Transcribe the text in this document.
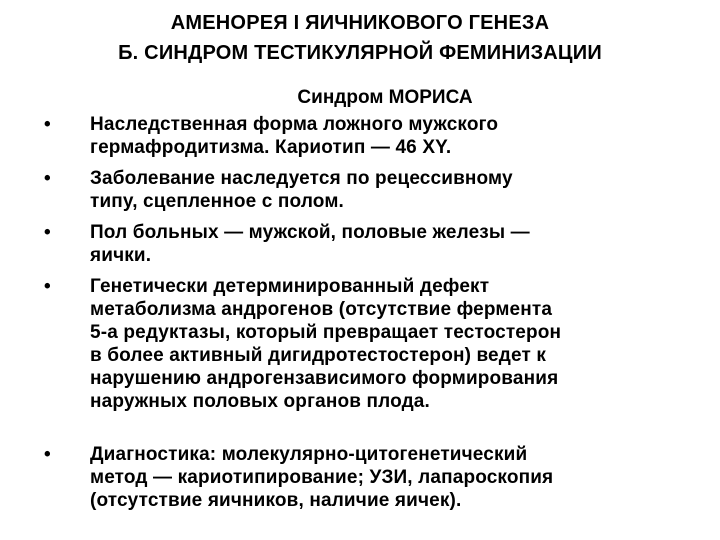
АМЕНОРЕЯ I ЯИЧНИКОВОГО ГЕНЕЗА
Б. СИНДРОМ ТЕСТИКУЛЯРНОЙ ФЕМИНИЗАЦИИ
Синдром МОРИСА
• Наследственная форма ложного мужского
гермафродитизма. Кариотип — 46 XY.
• Заболевание наследуется по рецессивному
типу, сцепленное с полом.
• Пол больных — мужской, половые железы —
яички.
• Генетически детерминированный дефект
метаболизма андрогенов (отсутствие фермента
5-а редуктазы, который превращает тестостерон
в более активный дигидротестостерон) ведет к
нарушению андрогензависимого формирования
наружных половых органов плода.
• Диагностика: молекулярно-цитогенетический
метод — кариотипирование; УЗИ, лапароскопия
(отсутствие яичников, наличие яичек).
